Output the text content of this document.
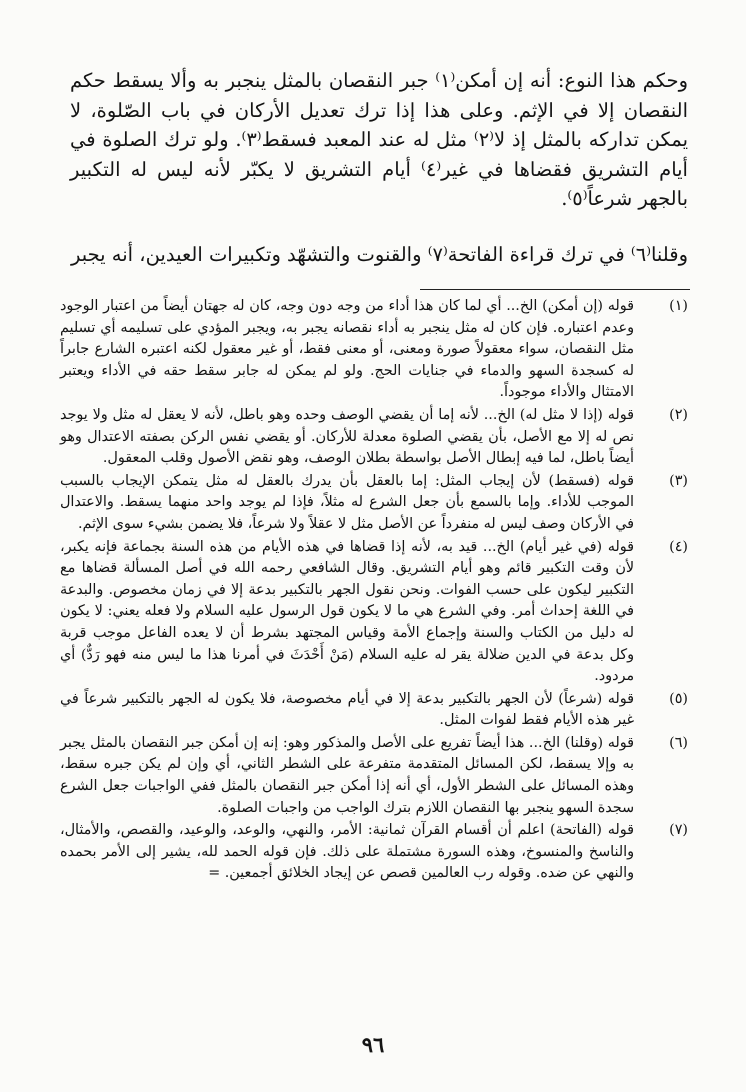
وحكم هذا النوع: أنه إن أمكن⁽١⁾ جبر النقصان بالمثل ينجبر به وألا يسقط حكم النقصان إلا في الإثم. وعلى هذا إذا ترك تعديل الأركان في باب الصّلوة، لا يمكن تداركه بالمثل إذ لا⁽٢⁾ مثل له عند المعبد فسقط⁽٣⁾. ولو ترك الصلوة في أيام التشريق فقضاها في غير⁽٤⁾ أيام التشريق لا يكبّر لأنه ليس له التكبير بالجهر شرعاً⁽٥⁾.

وقلنا⁽٦⁾ في ترك قراءة الفاتحة⁽٧⁾ والقنوت والتشهّد وتكبيرات العيدين، أنه يجبر

(١)
قوله (إن أمكن) الخ... أي لما كان هذا أداء من وجه دون وجه، كان له جهتان أيضاً من اعتبار الوجود وعدم اعتباره. فإن كان له مثل ينجبر به أداء نقصانه يجبر به، ويجبر المؤدي على تسليمه أي تسليم مثل النقصان، سواء معقولاً صورة ومعنى، أو معنى فقط، أو غير معقول لكنه اعتبره الشارع جابراً له كسجدة السهو والدماء في جنايات الحج. ولو لم يمكن له جابر سقط حقه في الأداء ويعتبر الامتثال والأداء موجوداً.
(٢)
قوله (إذا لا مثل له) الخ... لأنه إما أن يقضي الوصف وحده وهو باطل، لأنه لا يعقل له مثل ولا يوجد نص له إلا مع الأصل، بأن يقضي الصلوة معدلة للأركان. أو يقضي نفس الركن بصفته الاعتدال وهو أيضاً باطل، لما فيه إبطال الأصل بواسطة بطلان الوصف، وهو نقض الأصول وقلب المعقول.
(٣)
قوله (فسقط) لأن إيجاب المثل: إما بالعقل بأن يدرك بالعقل له مثل يتمكن الإيجاب بالسبب الموجب للأداء. وإما بالسمع بأن جعل الشرع له مثلاً، فإذا لم يوجد واحد منهما يسقط. والاعتدال في الأركان وصف ليس له منفرداً عن الأصل مثل لا عقلاً ولا شرعاً، فلا يضمن بشيء سوى الإثم.
(٤)
قوله (في غير أيام) الخ... قيد به، لأنه إذا قضاها في هذه الأيام من هذه السنة بجماعة فإنه يكبر، لأن وقت التكبير قائم وهو أيام التشريق. وقال الشافعي رحمه الله في أصل المسألة قضاها مع التكبير ليكون على حسب الفوات. ونحن نقول الجهر بالتكبير بدعة إلا في زمان مخصوص. والبدعة في اللغة إحداث أمر. وفي الشرع هي ما لا يكون قول الرسول عليه السلام ولا فعله يعني: لا يكون له دليل من الكتاب والسنة وإجماع الأمة وقياس المجتهد بشرط أن لا يعده الفاعل موجب قربة وكل بدعة في الدين ضلالة يقر له عليه السلام (مَنْ أَحْدَثَ في أمرنا هذا ما ليس منه فهو رَدٌّ) أي مردود.
(٥)
قوله (شرعاً) لأن الجهر بالتكبير بدعة إلا في أيام مخصوصة، فلا يكون له الجهر بالتكبير شرعاً في غير هذه الأيام فقط لفوات المثل.
(٦)
قوله (وقلنا) الخ... هذا أيضاً تفريع على الأصل والمذكور وهو: إنه إن أمكن جبر النقصان بالمثل يجبر به وإلا يسقط، لكن المسائل المتقدمة متفرعة على الشطر الثاني، أي وإن لم يكن جبره سقط، وهذه المسائل على الشطر الأول، أي أنه إذا أمكن جبر النقصان بالمثل ففي الواجبات جعل الشرع سجدة السهو ينجبر بها النقصان اللازم بترك الواجب من واجبات الصلوة.
(٧)
قوله (الفاتحة) اعلم أن أقسام القرآن ثمانية: الأمر، والنهي، والوعد، والوعيد، والقصص، والأمثال، والناسخ والمنسوخ، وهذه السورة مشتملة على ذلك. فإن قوله الحمد لله، يشير إلى الأمر بحمده والنهي عن ضده. وقوله رب العالمين قصص عن إيجاد الخلائق أجمعين. =
٩٦
